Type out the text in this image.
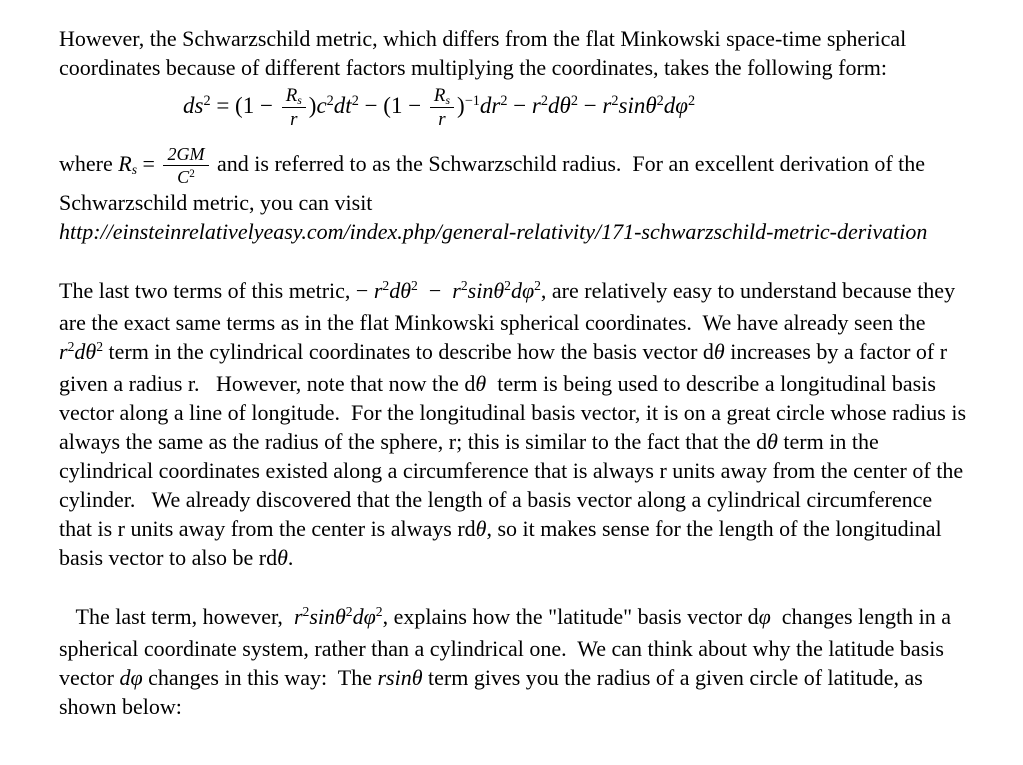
However, the Schwarzschild metric, which differs from the flat Minkowski space-time spherical coordinates because of different factors multiplying the coordinates, takes the following form:
$ds^2 = (1 - \frac{Rs}{r} )c^2dt^2 - (1 - \frac{Rs}{r} )^{-1}dr^2 - r^2d\theta^2 - r^2\sin\theta^2d\varphi^2$
where $Rs = \frac{2GM}{C^2}$ and is referred to as the Schwarzschild radius.  For an excellent derivation of the Schwarzschild metric, you can visit
http://einsteinrelativelyeasy.com/index.php/general-relativity/171-schwarzschild-metric-derivation
The last two terms of this metric, − $r^2d\theta^2 - r^2\sin\theta^2d\varphi^2$, are relatively easy to understand because they are the exact same terms as in the flat Minkowski spherical coordinates.  We have already seen the $r^2d\theta^2$ term in the cylindrical coordinates to describe how the basis vector dθ increases by a factor of r given a radius r.   However, note that now the dθ  term is being used to describe a longitudinal basis vector along a line of longitude.  For the longitudinal basis vector, it is on a great circle whose radius is always the same as the radius of the sphere, r; this is similar to the fact that the dθ term in the cylindrical coordinates existed along a circumference that is always r units away from the center of the cylinder.   We already discovered that the length of a basis vector along a cylindrical circumference that is r units away from the center is always rdθ, so it makes sense for the length of the longitudinal basis vector to also be rdθ.
The last term, however,  $r^2\sin\theta^2d\varphi^2$, explains how the "latitude" basis vector dφ  changes length in a spherical coordinate system, rather than a cylindrical one.  We can think about why the latitude basis vector dφ changes in this way:  The rsinθ term gives you the radius of a given circle of latitude, as shown below:
